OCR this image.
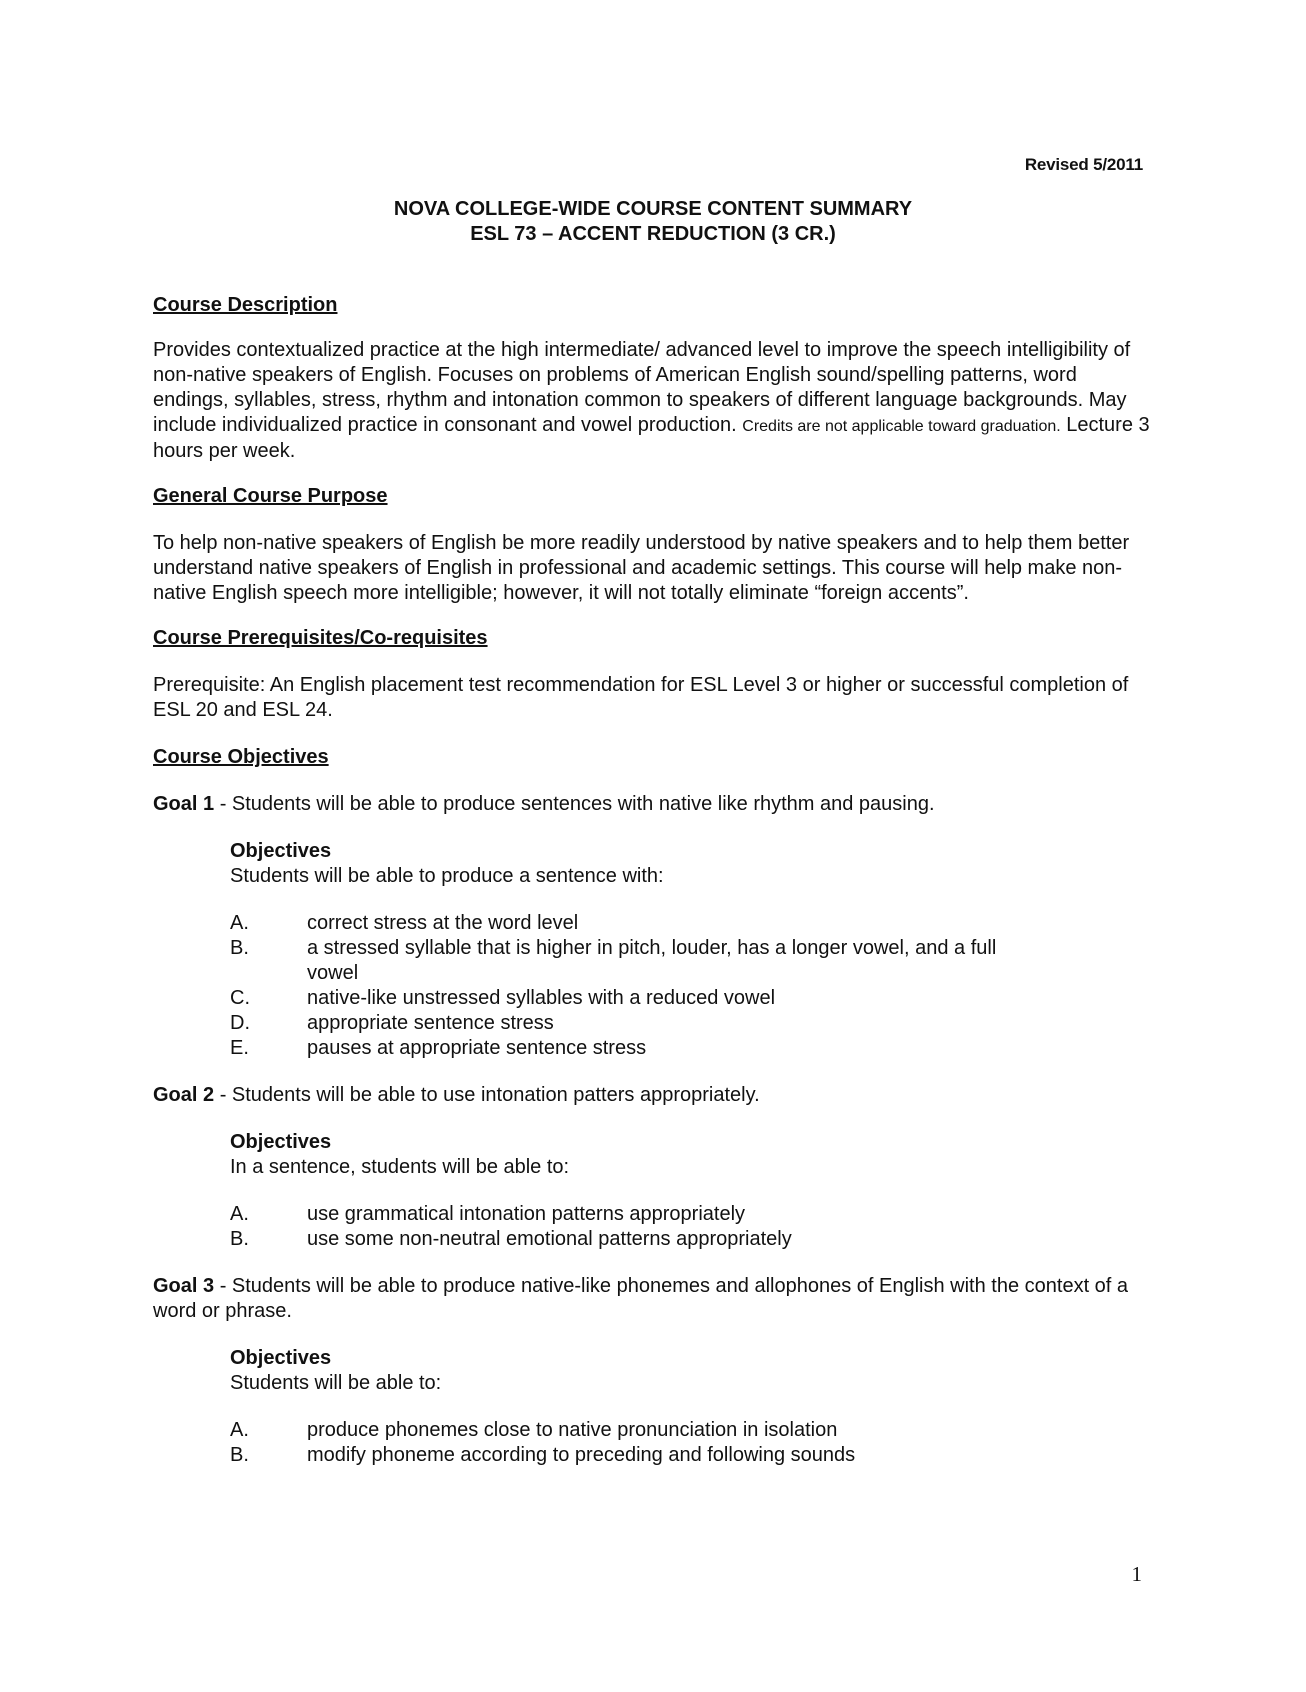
Revised 5/2011
NOVA COLLEGE-WIDE COURSE CONTENT SUMMARY
ESL 73 – ACCENT REDUCTION (3 CR.)
Course Description

Provides contextualized practice at the high intermediate/ advanced level to improve the speech intelligibility of non-native speakers of English. Focuses on problems of American English sound/spelling patterns, word endings, syllables, stress, rhythm and intonation common to speakers of different language backgrounds. May include individualized practice in consonant and vowel production. Credits are not applicable toward graduation. Lecture 3 hours per week.

General Course Purpose

To help non-native speakers of English be more readily understood by native speakers and to help them better understand native speakers of English in professional and academic settings. This course will help make non-native English speech more intelligible; however, it will not totally eliminate “foreign accents”.

Course Prerequisites/Co-requisites

Prerequisite: An English placement test recommendation for ESL Level 3 or higher or successful completion of ESL 20 and ESL 24.

Course Objectives

Goal 1 - Students will be able to produce sentences with native like rhythm and pausing.

Objectives

Students will be able to produce a sentence with:

A.	correct stress at the word level
B.	a stressed syllable that is higher in pitch, louder, has a longer vowel, and a full vowel
C.	native-like unstressed syllables with a reduced vowel
D.	appropriate sentence stress
E.	pauses at appropriate sentence stress

Goal 2 - Students will be able to use intonation patters appropriately.

Objectives

In a sentence, students will be able to:

A.	use grammatical intonation patterns appropriately
B.	use some non-neutral emotional patterns appropriately

Goal 3 - Students will be able to produce native-like phonemes and allophones of English with the context of a word or phrase.

Objectives

Students will be able to:

A.	produce phonemes close to native pronunciation in isolation
B.	modify phoneme according to preceding and following sounds
1
